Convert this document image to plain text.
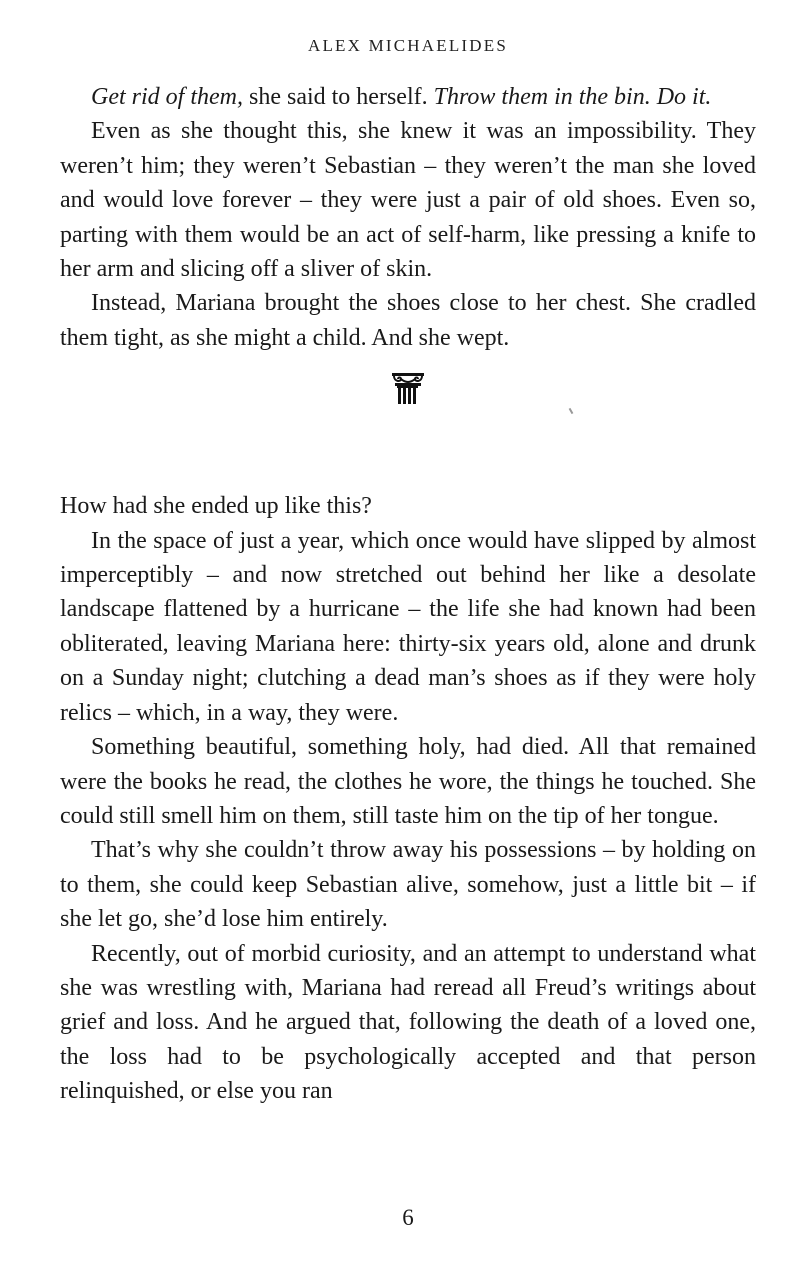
ALEX MICHAELIDES

Get rid of them, she said to herself. Throw them in the bin. Do it.

Even as she thought this, she knew it was an impossibility. They weren’t him; they weren’t Sebastian – they weren’t the man she loved and would love forever – they were just a pair of old shoes. Even so, parting with them would be an act of self-harm, like pressing a knife to her arm and slicing off a sliver of skin.

Instead, Mariana brought the shoes close to her chest. She cradled them tight, as she might a child. And she wept.

How had she ended up like this?

In the space of just a year, which once would have slipped by almost imperceptibly – and now stretched out behind her like a desolate landscape flattened by a hurricane – the life she had known had been obliterated, leaving Mariana here: thirty-six years old, alone and drunk on a Sunday night; clutching a dead man’s shoes as if they were holy relics – which, in a way, they were.

Something beautiful, something holy, had died. All that remained were the books he read, the clothes he wore, the things he touched. She could still smell him on them, still taste him on the tip of her tongue.

That’s why she couldn’t throw away his possessions – by holding on to them, she could keep Sebastian alive, somehow, just a little bit – if she let go, she’d lose him entirely.

Recently, out of morbid curiosity, and an attempt to understand what she was wrestling with, Mariana had reread all Freud’s writings about grief and loss. And he argued that, following the death of a loved one, the loss had to be psychologically accepted and that person relinquished, or else you ran

6
